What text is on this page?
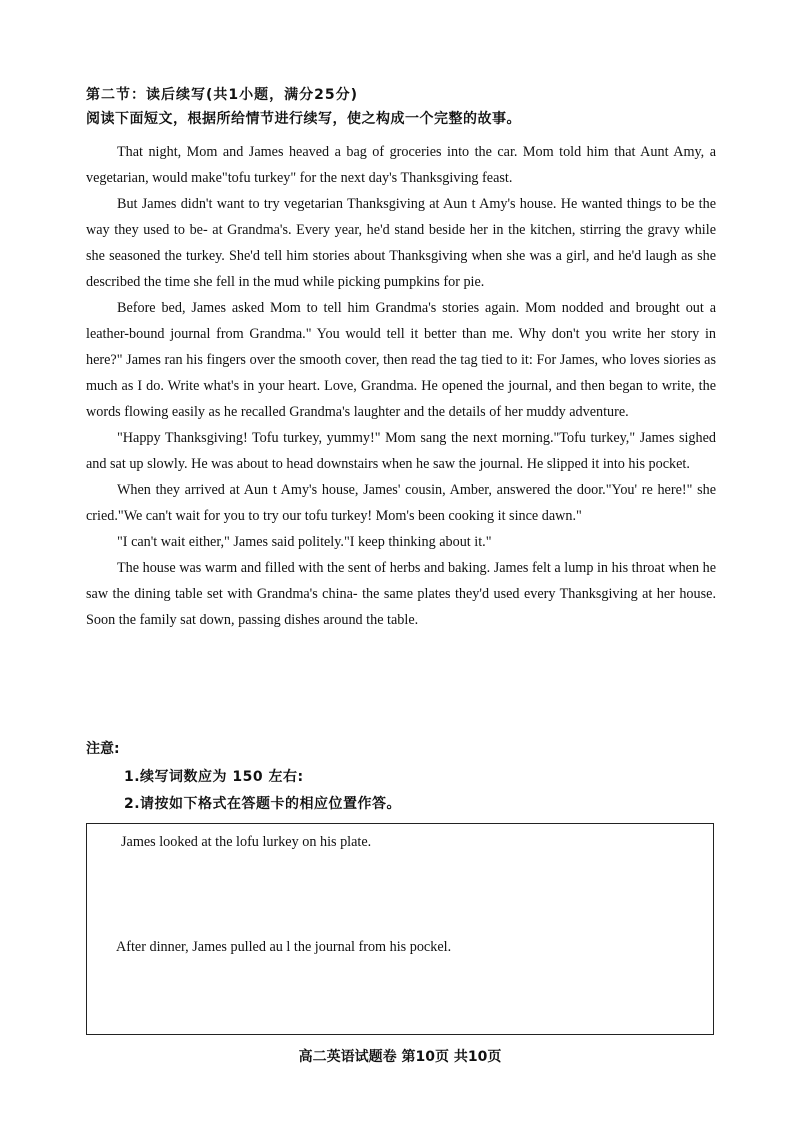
第二节：读后续写(共1小题，满分25分)
阅读下面短文，根据所给情节进行续写，使之构成一个完整的故事。

That night, Mom and James heaved a bag of groceries into the car. Mom told him that Aunt Amy, a vegetarian, would make"tofu turkey" for the next day's Thanksgiving feast.

But James didn't want to try vegetarian Thanksgiving at Aun t Amy's house. He wanted things to be the way they used to be- at Grandma's. Every year, he'd stand beside her in the kitchen, stirring the gravy while she seasoned the turkey. She'd tell him stories about Thanksgiving when she was a girl, and he'd laugh as she described the time she fell in the mud while picking pumpkins for pie.

Before bed, James asked Mom to tell him Grandma's stories again. Mom nodded and brought out a leather-bound journal from Grandma." You would tell it better than me. Why don't you write her story in here?" James ran his fingers over the smooth cover, then read the tag tied to it: For James, who loves siories as much as I do. Write what's in your heart. Love, Grandma. He opened the journal, and then began to write, the words flowing easily as he recalled Grandma's laughter and the details of her muddy adventure.

"Happy Thanksgiving! Tofu turkey, yummy!" Mom sang the next morning."Tofu turkey," James sighed and sat up slowly. He was about to head downstairs when he saw the journal. He slipped it into his pocket.

When they arrived at Aun t Amy's house, James' cousin, Amber, answered the door."You' re here!" she cried."We can't wait for you to try our tofu turkey! Mom's been cooking it since dawn."

"I can't wait either," James said politely."I keep thinking about it."

The house was warm and filled with the sent of herbs and baking. James felt a lump in his throat when he saw the dining table set with Grandma's china- the same plates they'd used every Thanksgiving at her house. Soon the family sat down, passing dishes around the table.

注意:
1.续写词数应为 150 左右:
2.请按如下格式在答题卡的相应位置作答。
James looked at the lofu lurkey on his plate.
After dinner, James pulled au l the journal from his pockel.
高二英语试题卷 第10页 共10页
